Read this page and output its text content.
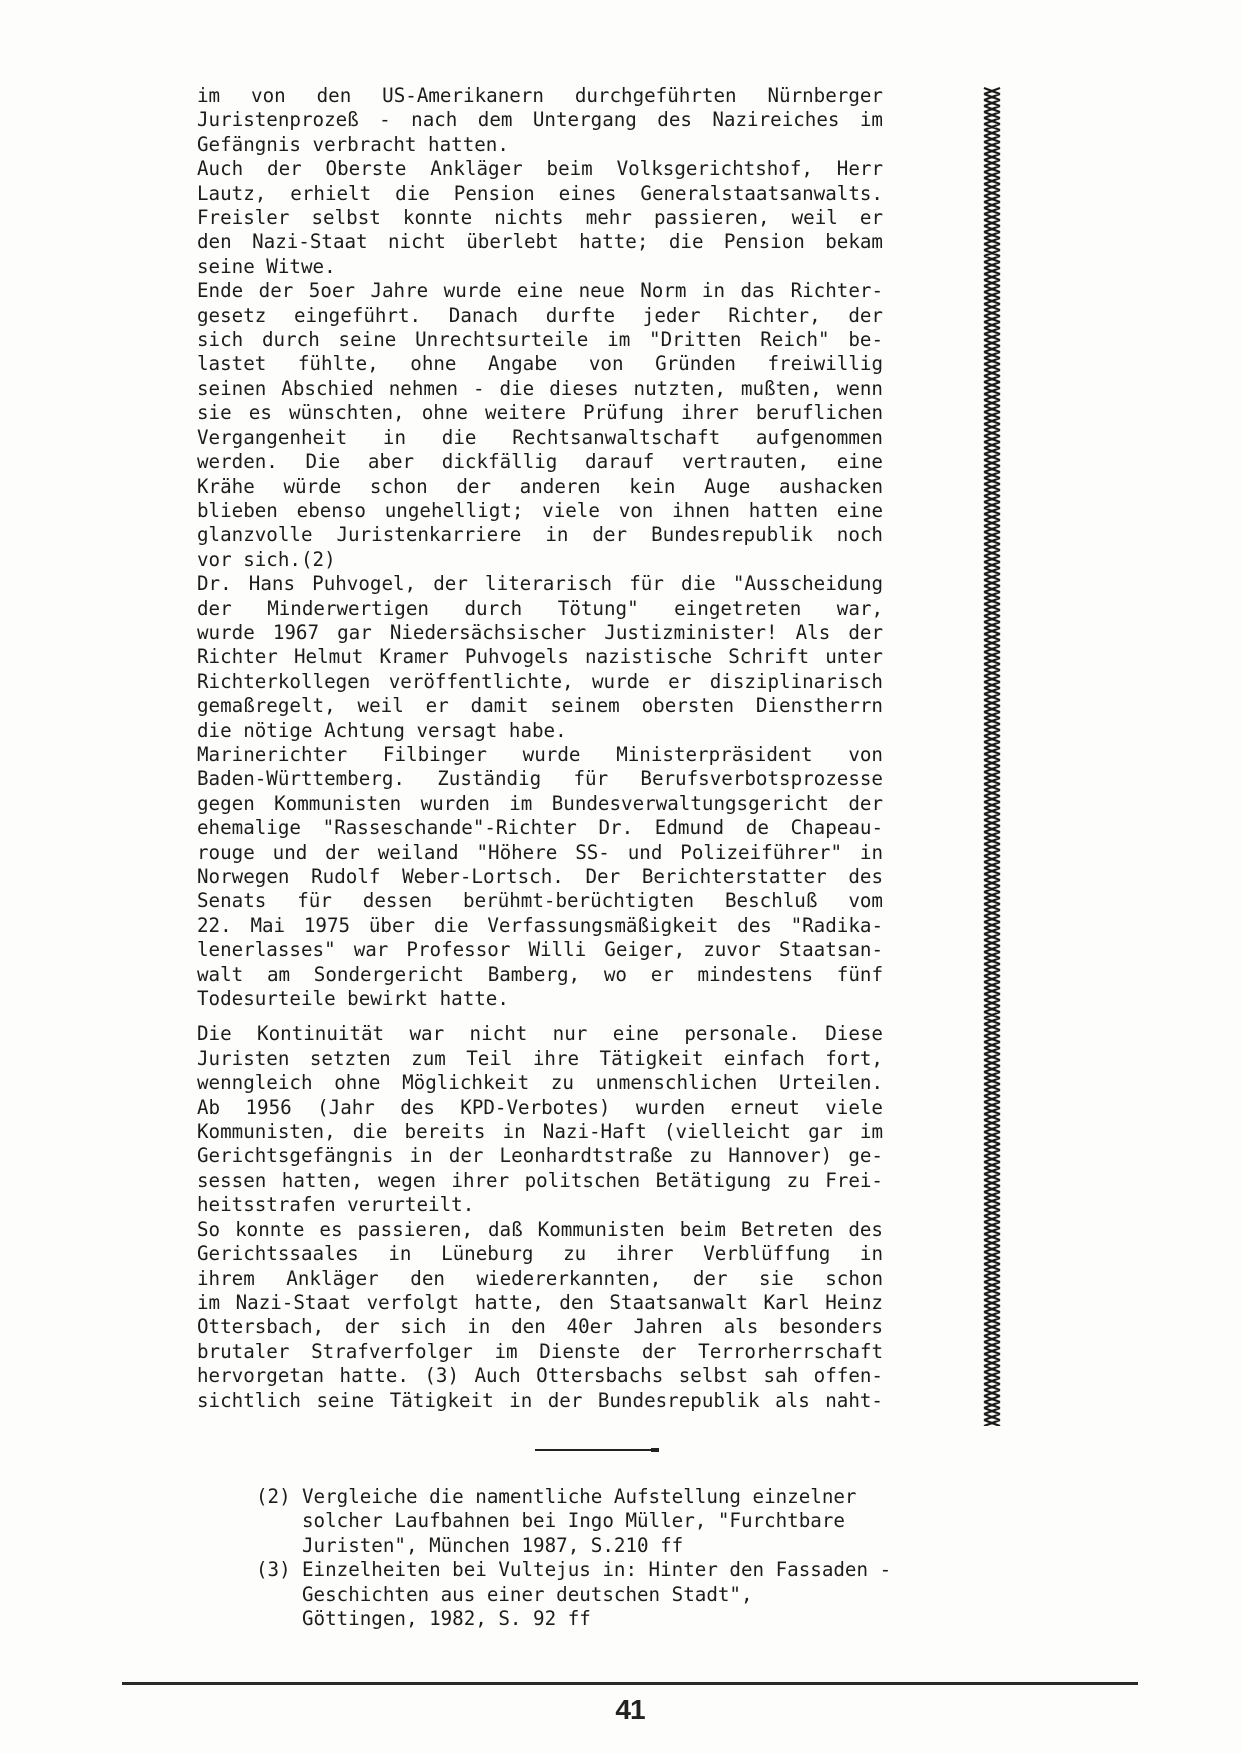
im von den US-Amerikanern durchgeführten Nürnberger
Juristenprozeß - nach dem Untergang des Nazireiches im
Gefängnis verbracht hatten.
Auch der Oberste Ankläger beim Volksgerichtshof, Herr
Lautz, erhielt die Pension eines Generalstaatsanwalts.
Freisler selbst konnte nichts mehr passieren, weil er
den Nazi-Staat nicht überlebt hatte; die Pension bekam
seine Witwe.
Ende der 5oer Jahre wurde eine neue Norm in das Richter-
gesetz eingeführt. Danach durfte jeder Richter, der
sich durch seine Unrechtsurteile im "Dritten Reich" be-
lastet fühlte, ohne Angabe von Gründen freiwillig
seinen Abschied nehmen - die dieses nutzten, mußten, wenn
sie es wünschten, ohne weitere Prüfung ihrer beruflichen
Vergangenheit in die Rechtsanwaltschaft aufgenommen
werden. Die aber dickfällig darauf vertrauten, eine
Krähe würde schon der anderen kein Auge aushacken
blieben ebenso ungehelligt; viele von ihnen hatten eine
glanzvolle Juristenkarriere in der Bundesrepublik noch
vor sich.(2)
Dr. Hans Puhvogel, der literarisch für die "Ausscheidung
der Minderwertigen durch Tötung" eingetreten war,
wurde 1967 gar Niedersächsischer Justizminister! Als der
Richter Helmut Kramer Puhvogels nazistische Schrift unter
Richterkollegen veröffentlichte, wurde er disziplinarisch
gemaßregelt, weil er damit seinem obersten Dienstherrn
die nötige Achtung versagt habe.
Marinerichter Filbinger wurde Ministerpräsident von
Baden-Württemberg. Zuständig für Berufsverbotsprozesse
gegen Kommunisten wurden im Bundesverwaltungsgericht der
ehemalige "Rasseschande"-Richter Dr. Edmund de Chapeau-
rouge und der weiland "Höhere SS- und Polizeiführer" in
Norwegen Rudolf Weber-Lortsch. Der Berichterstatter des
Senats für dessen berühmt-berüchtigten Beschluß vom
22. Mai 1975 über die Verfassungsmäßigkeit des "Radika-
lenerlasses" war Professor Willi Geiger, zuvor Staatsan-
walt am Sondergericht Bamberg, wo er mindestens fünf
Todesurteile bewirkt hatte.
Die Kontinuität war nicht nur eine personale. Diese
Juristen setzten zum Teil ihre Tätigkeit einfach fort,
wenngleich ohne Möglichkeit zu unmenschlichen Urteilen.
Ab 1956 (Jahr des KPD-Verbotes) wurden erneut viele
Kommunisten, die bereits in Nazi-Haft (vielleicht gar im
Gerichtsgefängnis in der Leonhardtstraße zu Hannover) ge-
sessen hatten, wegen ihrer politschen Betätigung zu Frei-
heitsstrafen verurteilt.
So konnte es passieren, daß Kommunisten beim Betreten des
Gerichtssaales in Lüneburg zu ihrer Verblüffung in
ihrem Ankläger den wiedererkannten, der sie schon
im Nazi-Staat verfolgt hatte, den Staatsanwalt Karl Heinz
Ottersbach, der sich in den 40er Jahren als besonders
brutaler Strafverfolger im Dienste der Terrorherrschaft
hervorgetan hatte. (3) Auch Ottersbachs selbst sah offen-
sichtlich seine Tätigkeit in der Bundesrepublik als naht-
(2) Vergleiche die namentliche Aufstellung einzelner
solcher Laufbahnen bei Ingo Müller, "Furchtbare
Juristen", München 1987, S.210 ff
(3) Einzelheiten bei Vultejus in: Hinter den Fassaden -
Geschichten aus einer deutschen Stadt",
Göttingen, 1982, S. 92 ff
41
